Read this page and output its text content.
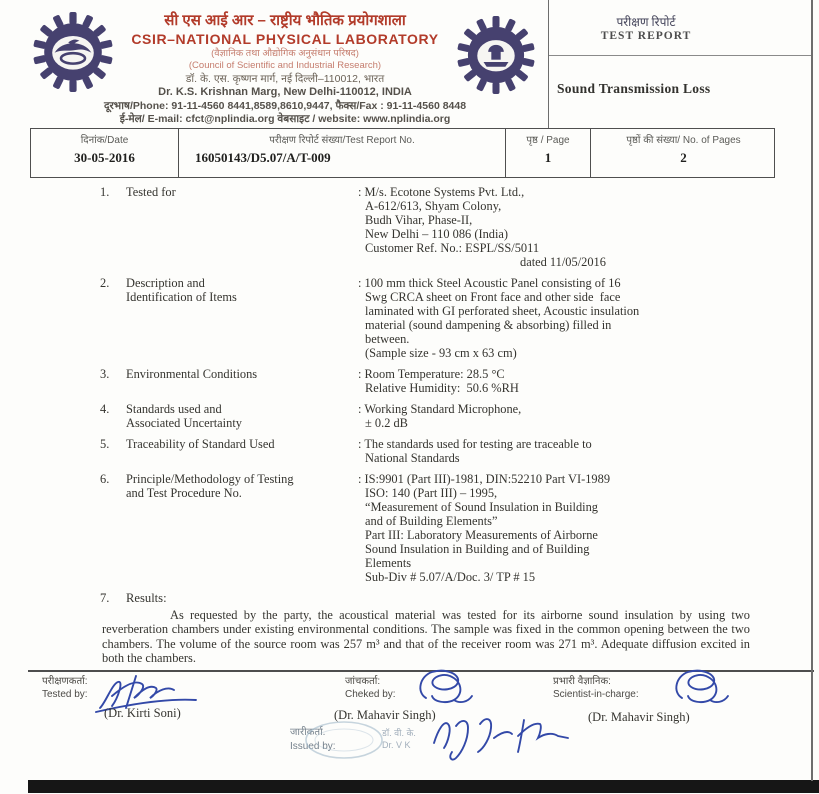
सी एस आई आर – राष्ट्रीय भौतिक प्रयोगशाला
CSIR–NATIONAL PHYSICAL LABORATORY
(वैज्ञानिक तथा औद्योगिक अनुसंधान परिषद)
(Council of Scientific and Industrial Research)
डॉ. के. एस. कृष्णन मार्ग, नई दिल्ली–110012, भारत
Dr. K.S. Krishnan Marg, New Delhi-110012, INDIA
दूरभाष/Phone: 91-11-4560 8441,8589,8610,9447, फैक्स/Fax : 91-11-4560 8448
ई-मेल/ E-mail: cfct@nplindia.org वेबसाइट / website: www.nplindia.org
परीक्षण रिपोर्ट
TEST REPORT
Sound Transmission Loss
दिनांक/Date
30-05-2016
परीक्षण रिपोर्ट संख्या/Test Report No.
16050143/D5.07/A/T-009
पृष्ठ / Page
1
पृष्ठों की संख्या/ No. of Pages
2
1.	Tested for	: M/s. Ecotone Systems Pvt. Ltd.,
A-612/613, Shyam Colony,
Budh Vihar, Phase-II,
New Delhi – 110 086 (India)
Customer Ref. No.: ESPL/SS/5011
dated 11/05/2016
2.	Description and
Identification of Items
: 100 mm thick Steel Acoustic Panel consisting of 16
Swg CRCA sheet on Front face and other side  face
laminated with GI perforated sheet, Acoustic insulation
material (sound dampening & absorbing) filled in
between.
(Sample size - 93 cm x 63 cm)
3.	Environmental Conditions	: Room Temperature: 28.5 °C
Relative Humidity:  50.6 %RH
4.	Standards used and
Associated Uncertainty
: Working Standard Microphone,
± 0.2 dB
5.	Traceability of Standard Used	: The standards used for testing are traceable to
National Standards
6.	Principle/Methodology of Testing
and Test Procedure No.
: IS:9901 (Part III)-1981, DIN:52210 Part VI-1989
ISO: 140 (Part III) – 1995,
“Measurement of Sound Insulation in Building
and of Building Elements”
Part III: Laboratory Measurements of Airborne
Sound Insulation in Building and of Building
Elements
Sub-Div # 5.07/A/Doc. 3/ TP # 15
7.	Results:

As requested by the party, the acoustical material was tested for its airborne sound insulation by using two reverberation chambers under existing environmental conditions. The sample was fixed in the common opening between the two chambers. The volume of the source room was 257 m³ and that of the receiver room was 271 m³. Adequate diffusion excited in both the chambers.

परीक्षणकर्ता:
Tested by:
(Dr. Kirti Soni)
जांचकर्ता:
Cheked by:
(Dr. Mahavir Singh)
प्रभारी वैज्ञानिक:
Scientist-in-charge:
(Dr. Mahavir Singh)
जारीकर्ता.
Issued by:
डॉ. वी. के.
Dr. V K
